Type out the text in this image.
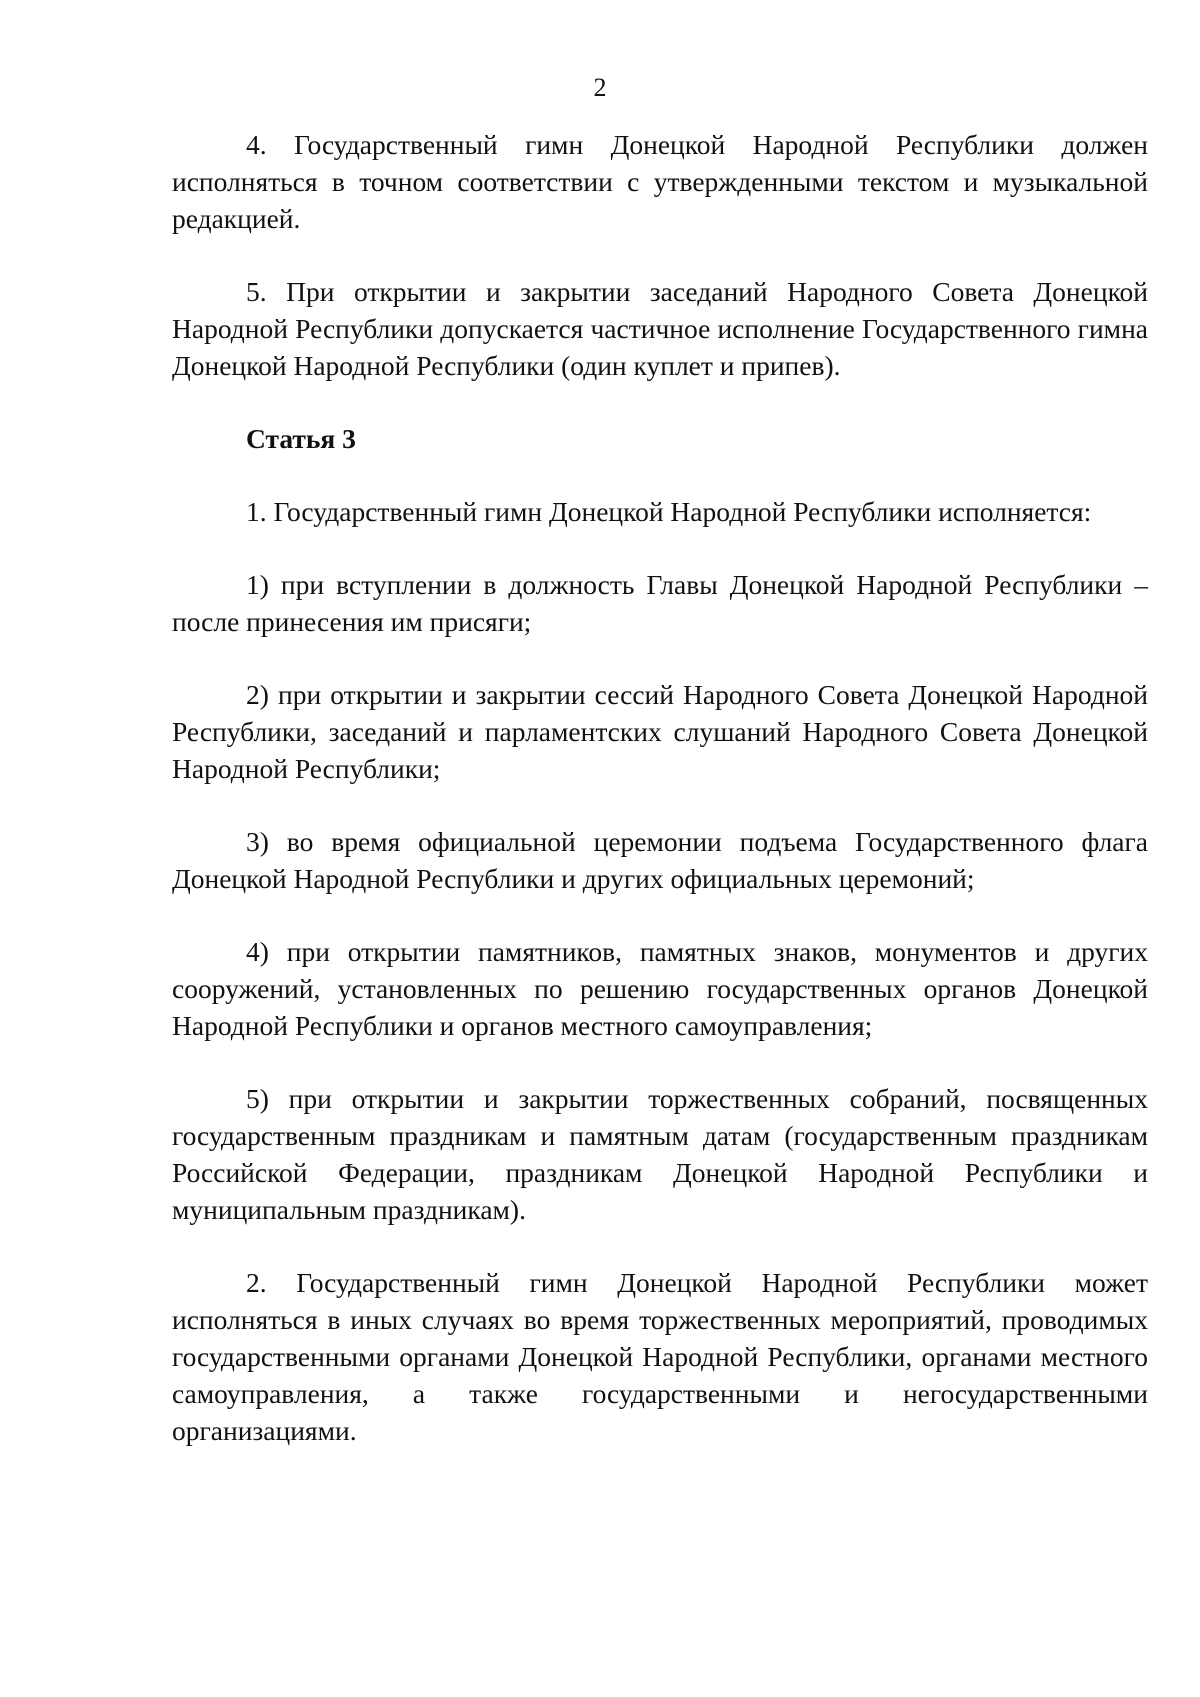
2

4. Государственный гимн Донецкой Народной Республики должен исполняться в точном соответствии с утвержденными текстом и музыкальной редакцией.

5. При открытии и закрытии заседаний Народного Совета Донецкой Народной Республики допускается частичное исполнение Государственного гимна Донецкой Народной Республики (один куплет и припев).

Статья 3

1. Государственный гимн Донецкой Народной Республики исполняется:

1) при вступлении в должность Главы Донецкой Народной Республики – после принесения им присяги;

2) при открытии и закрытии сессий Народного Совета Донецкой Народной Республики, заседаний и парламентских слушаний Народного Совета Донецкой Народной Республики;

3) во время официальной церемонии подъема Государственного флага Донецкой Народной Республики и других официальных церемоний;

4) при открытии памятников, памятных знаков, монументов и других сооружений, установленных по решению государственных органов Донецкой Народной Республики и органов местного самоуправления;

5) при открытии и закрытии торжественных собраний, посвященных государственным праздникам и памятным датам (государственным праздникам Российской Федерации, праздникам Донецкой Народной Республики и муниципальным праздникам).

2. Государственный гимн Донецкой Народной Республики может исполняться в иных случаях во время торжественных мероприятий, проводимых государственными органами Донецкой Народной Республики, органами местного самоуправления, а также государственными и негосударственными организациями.
